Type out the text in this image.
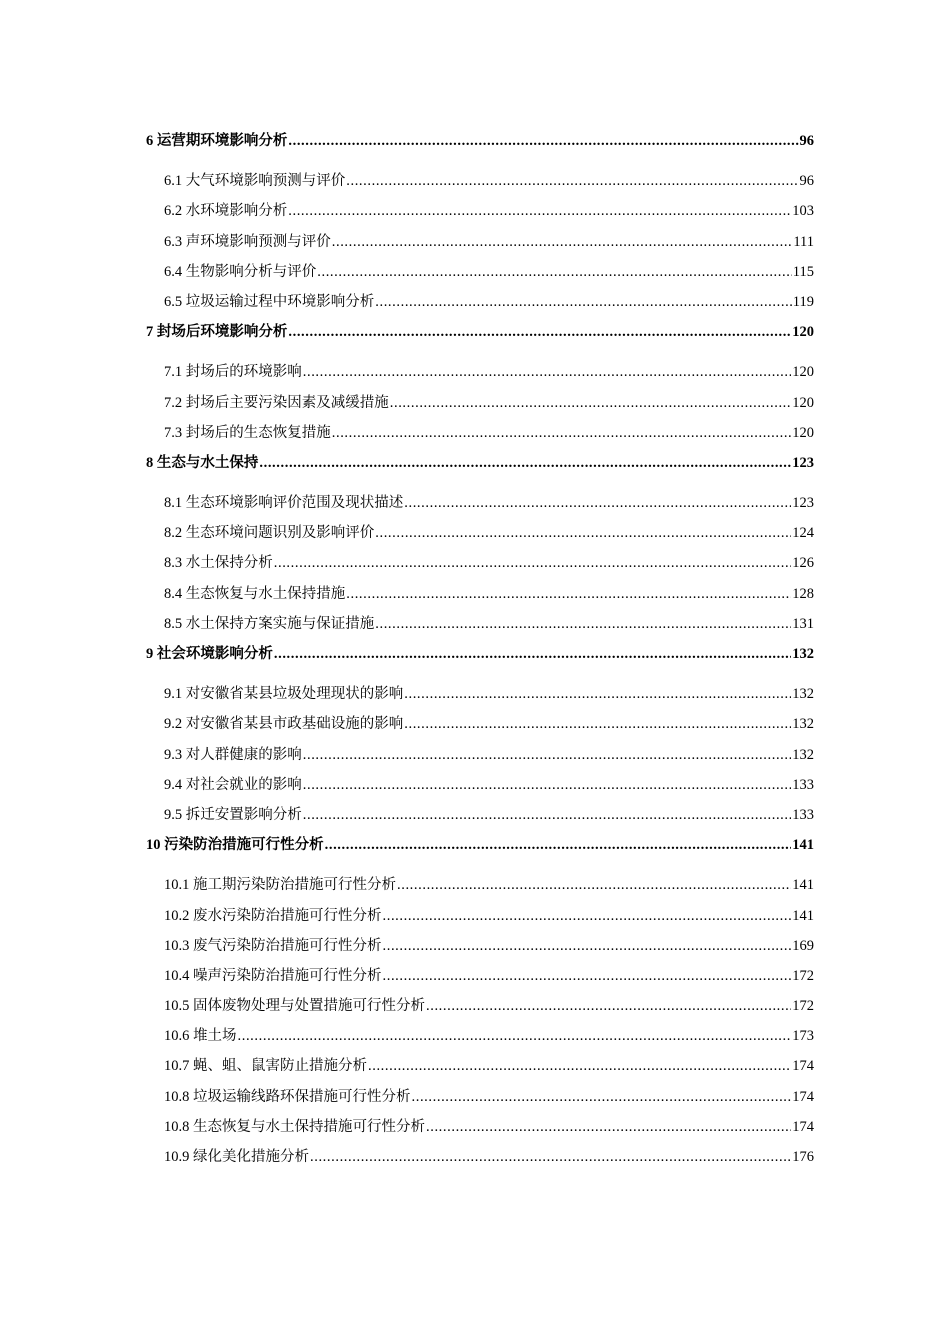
6 运营期环境影响分析 .....	96
6.1 大气环境影响预测与评价 .....	96
6.2 水环境影响分析 .....	103
6.3 声环境影响预测与评价 .....	111
6.4 生物影响分析与评价 .....	115
6.5 垃圾运输过程中环境影响分析 .....	119
7 封场后环境影响分析 .....	120
7.1 封场后的环境影响 .....	120
7.2 封场后主要污染因素及减缓措施 .....	120
7.3 封场后的生态恢复措施 .....	120
8 生态与水土保持 .....	123
8.1 生态环境影响评价范围及现状描述 .....	123
8.2 生态环境问题识别及影响评价 .....	124
8.3 水土保持分析 .....	126
8.4 生态恢复与水土保持措施 .....	128
8.5 水土保持方案实施与保证措施 .....	131
9 社会环境影响分析 .....	132
9.1 对安徽省某县垃圾处理现状的影响 .....	132
9.2 对安徽省某县市政基础设施的影响 .....	132
9.3 对人群健康的影响 .....	132
9.4 对社会就业的影响 .....	133
9.5 拆迁安置影响分析 .....	133
10 污染防治措施可行性分析 .....	141
10.1 施工期污染防治措施可行性分析 .....	141
10.2 废水污染防治措施可行性分析 .....	141
10.3 废气污染防治措施可行性分析 .....	169
10.4 噪声污染防治措施可行性分析 .....	172
10.5 固体废物处理与处置措施可行性分析 .....	172
10.6 堆土场 .....	173
10.7 蝇、蛆、鼠害防止措施分析 .....	174
10.8 垃圾运输线路环保措施可行性分析 .....	174
10.8 生态恢复与水土保持措施可行性分析 .....	174
10.9 绿化美化措施分析 .....	176
